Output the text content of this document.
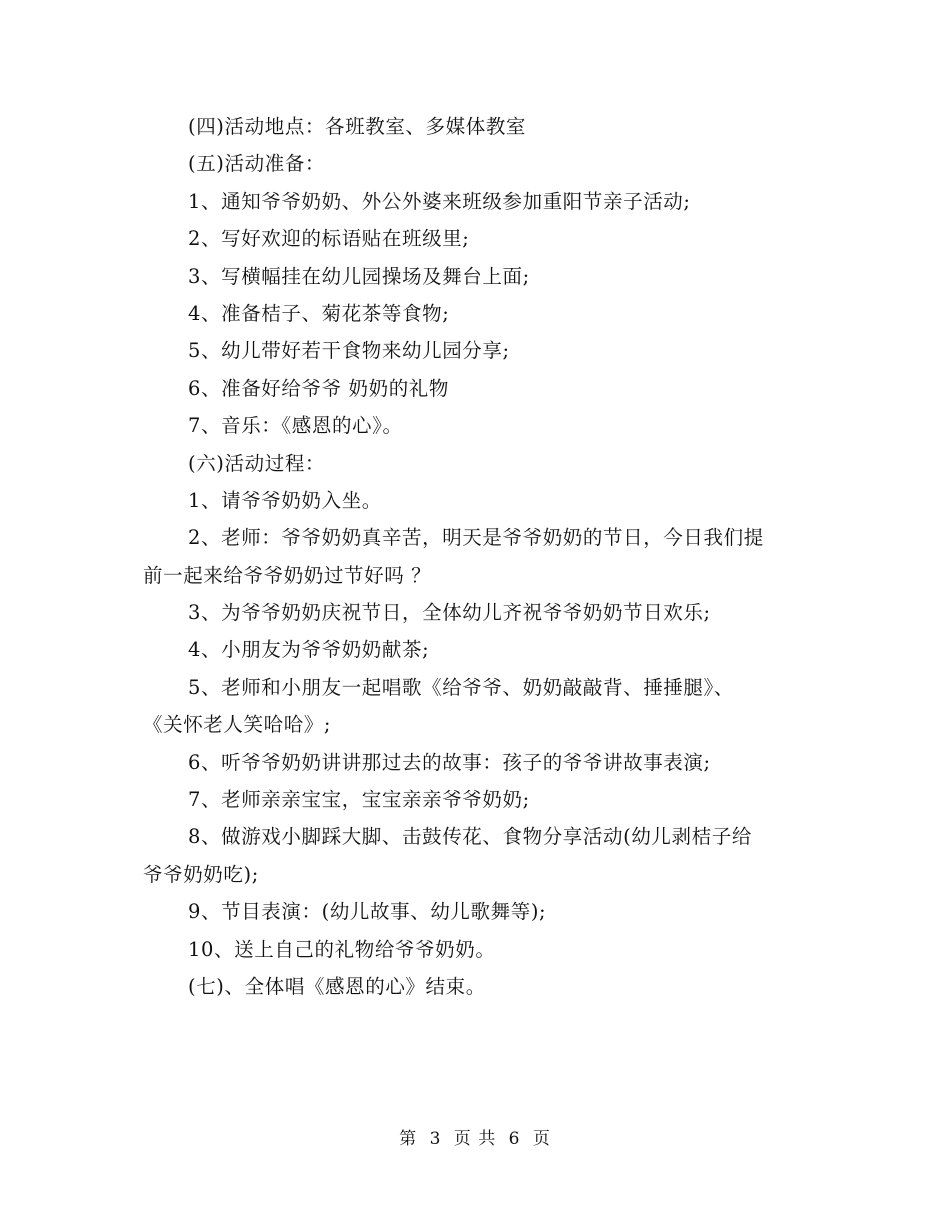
(四)活动地点：各班教室、多媒体教室
(五)活动准备：
1、通知爷爷奶奶、外公外婆来班级参加重阳节亲子活动;
2、写好欢迎的标语贴在班级里;
3、写横幅挂在幼儿园操场及舞台上面;
4、准备桔子、菊花茶等食物;
5、幼儿带好若干食物来幼儿园分享;
6、准备好给爷爷 奶奶的礼物
7、音乐：《感恩的心》。
(六)活动过程：
1、请爷爷奶奶入坐。
2、老师：爷爷奶奶真辛苦，明天是爷爷奶奶的节日，今日我们提
前一起来给爷爷奶奶过节好吗 ？
3、为爷爷奶奶庆祝节日，全体幼儿齐祝爷爷奶奶节日欢乐;
4、小朋友为爷爷奶奶献茶;
5、老师和小朋友一起唱歌《给爷爷、奶奶敲敲背、捶捶腿》、
《关怀老人笑哈哈》;
6、听爷爷奶奶讲讲那过去的故事：孩子的爷爷讲故事表演;
7、老师亲亲宝宝，宝宝亲亲爷爷奶奶;
8、做游戏小脚踩大脚、击鼓传花、食物分享活动(幼儿剥桔子给
爷爷奶奶吃);
9、节目表演：(幼儿故事、幼儿歌舞等);
10、送上自己的礼物给爷爷奶奶。
(七)、全体唱《感恩的心》结束。
第 3 页 共 6 页
